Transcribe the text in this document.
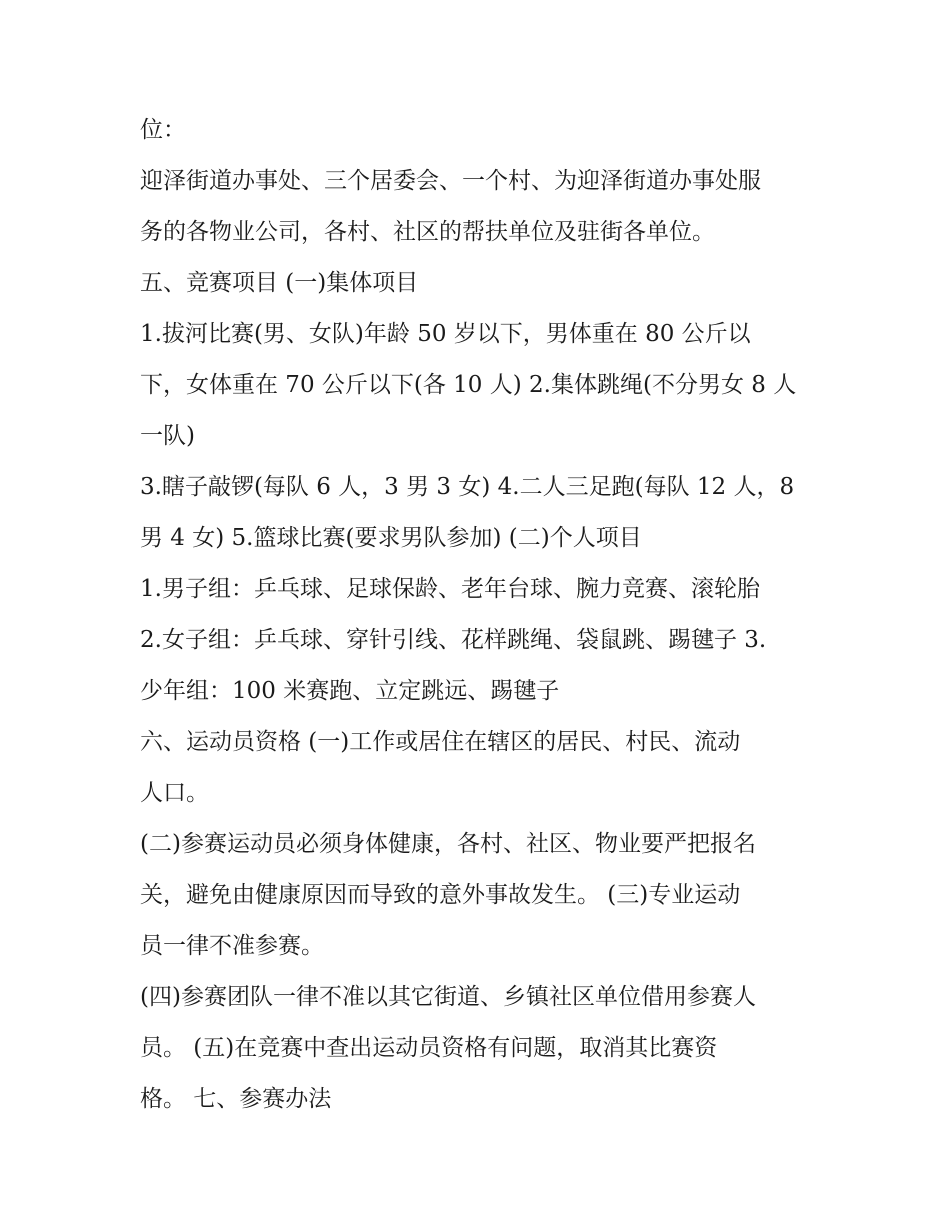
位：
迎泽街道办事处、三个居委会、一个村、为迎泽街道办事处服
务的各物业公司，各村、社区的帮扶单位及驻街各单位。
五、竞赛项目 (一)集体项目
1.拔河比赛(男、女队)年龄 50 岁以下，男体重在 80 公斤以
下，女体重在 70 公斤以下(各 10 人) 2.集体跳绳(不分男女 8 人
一队)
3.瞎子敲锣(每队 6 人，3 男 3 女) 4.二人三足跑(每队 12 人，8
男 4 女) 5.篮球比赛(要求男队参加) (二)个人项目
1.男子组：乒乓球、足球保龄、老年台球、腕力竞赛、滚轮胎
2.女子组：乒乓球、穿针引线、花样跳绳、袋鼠跳、踢毽子 3.
少年组：100 米赛跑、立定跳远、踢毽子
六、运动员资格 (一)工作或居住在辖区的居民、村民、流动
人口。
(二)参赛运动员必须身体健康，各村、社区、物业要严把报名
关，避免由健康原因而导致的意外事故发生。 (三)专业运动
员一律不准参赛。
(四)参赛团队一律不准以其它街道、乡镇社区单位借用参赛人
员。 (五)在竞赛中查出运动员资格有问题，取消其比赛资
格。 七、参赛办法
